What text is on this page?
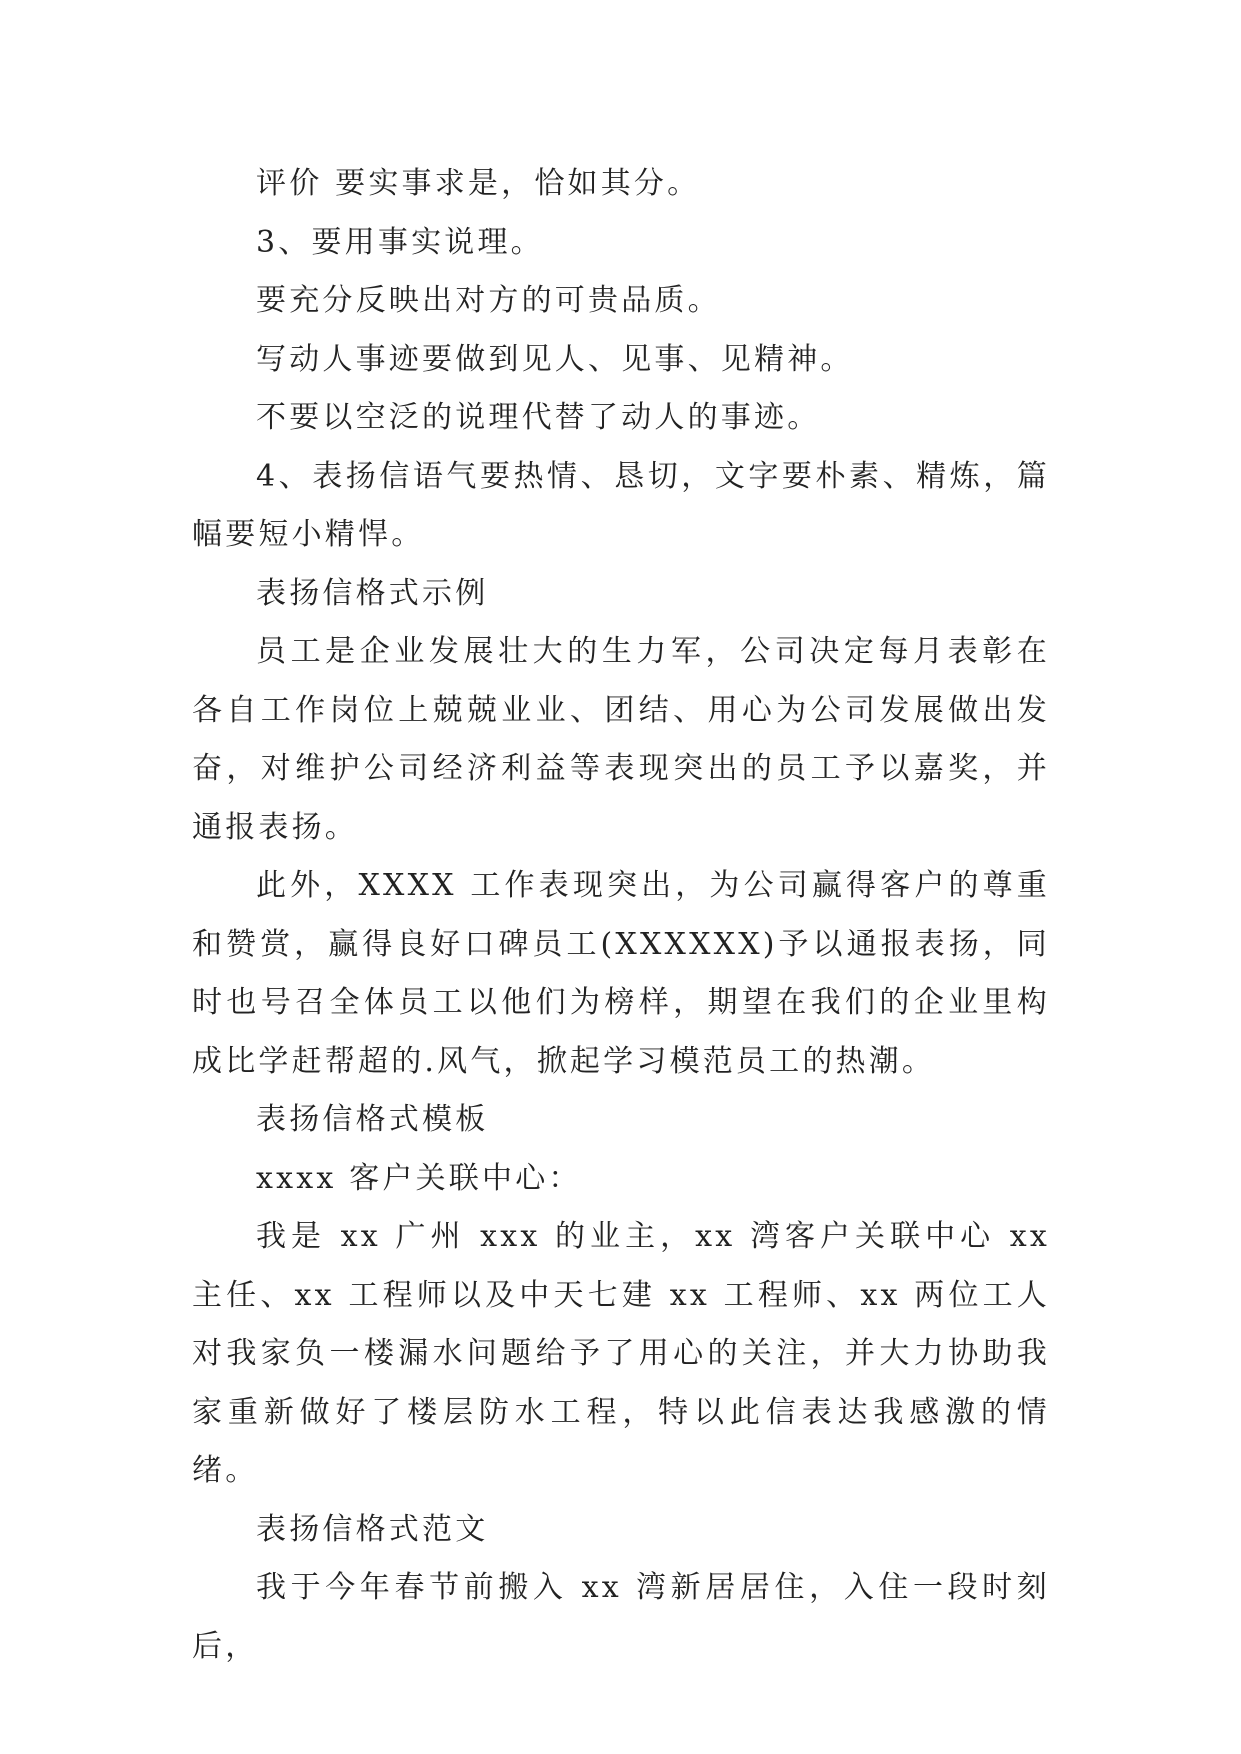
评价 要实事求是，恰如其分。

3、要用事实说理。

要充分反映出对方的可贵品质。

写动人事迹要做到见人、见事、见精神。

不要以空泛的说理代替了动人的事迹。

4、表扬信语气要热情、恳切，文字要朴素、精炼，篇幅要短小精悍。

表扬信格式示例

员工是企业发展壮大的生力军，公司决定每月表彰在各自工作岗位上兢兢业业、团结、用心为公司发展做出发奋，对维护公司经济利益等表现突出的员工予以嘉奖，并通报表扬。

此外，XXXX 工作表现突出，为公司赢得客户的尊重和赞赏，赢得良好口碑员工(XXXXXX)予以通报表扬，同时也号召全体员工以他们为榜样，期望在我们的企业里构成比学赶帮超的.风气，掀起学习模范员工的热潮。

表扬信格式模板

xxxx 客户关联中心：

我是 xx 广州 xxx 的业主，xx 湾客户关联中心 xx 主任、xx 工程师以及中天七建 xx 工程师、xx 两位工人对我家负一楼漏水问题给予了用心的关注，并大力协助我家重新做好了楼层防水工程，特以此信表达我感激的情绪。

表扬信格式范文

我于今年春节前搬入 xx 湾新居居住，入住一段时刻后，
